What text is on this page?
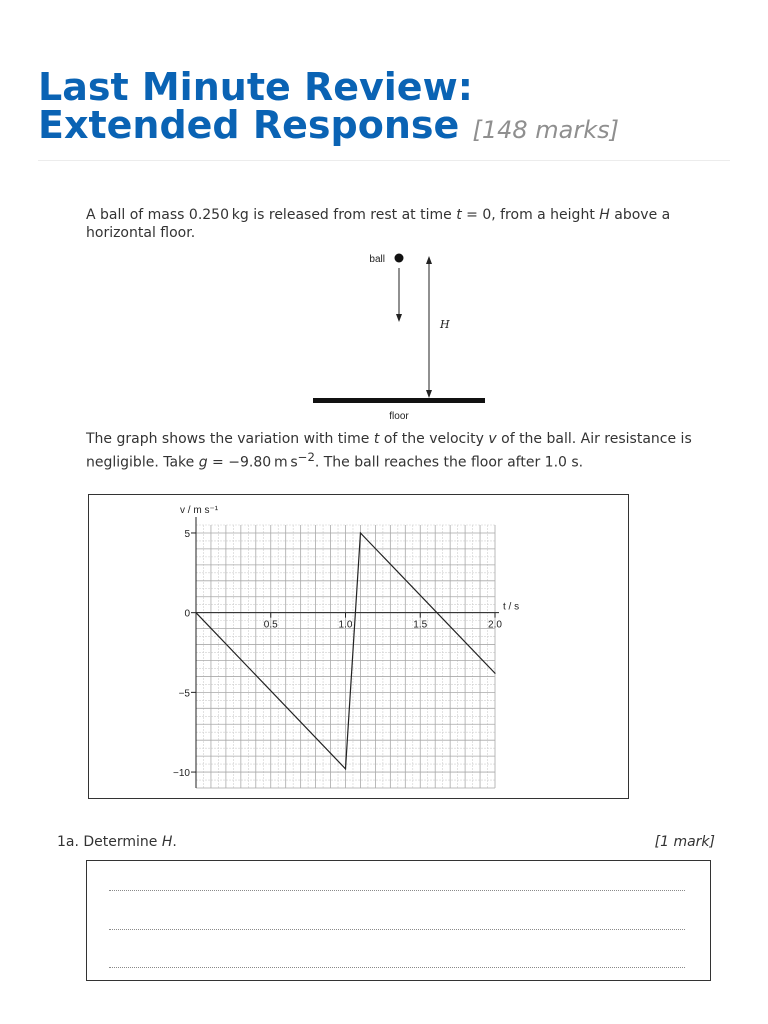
Last Minute Review:
Extended Response [148 marks]

A ball of mass 0.250 kg is released from rest at time t = 0, from a height H above a horizontal floor.

ball
H
floor

The graph shows the variation with time t of the velocity v of the ball. Air resistance is negligible. Take g = −9.80 m $s^{-2}$. The ball reaches the floor after 1.0 s.

5
0
−5
−10
0.5	1.0	1.5	2.0
v / m s⁻¹
t / s
1a. Determine H.	[1 mark]
